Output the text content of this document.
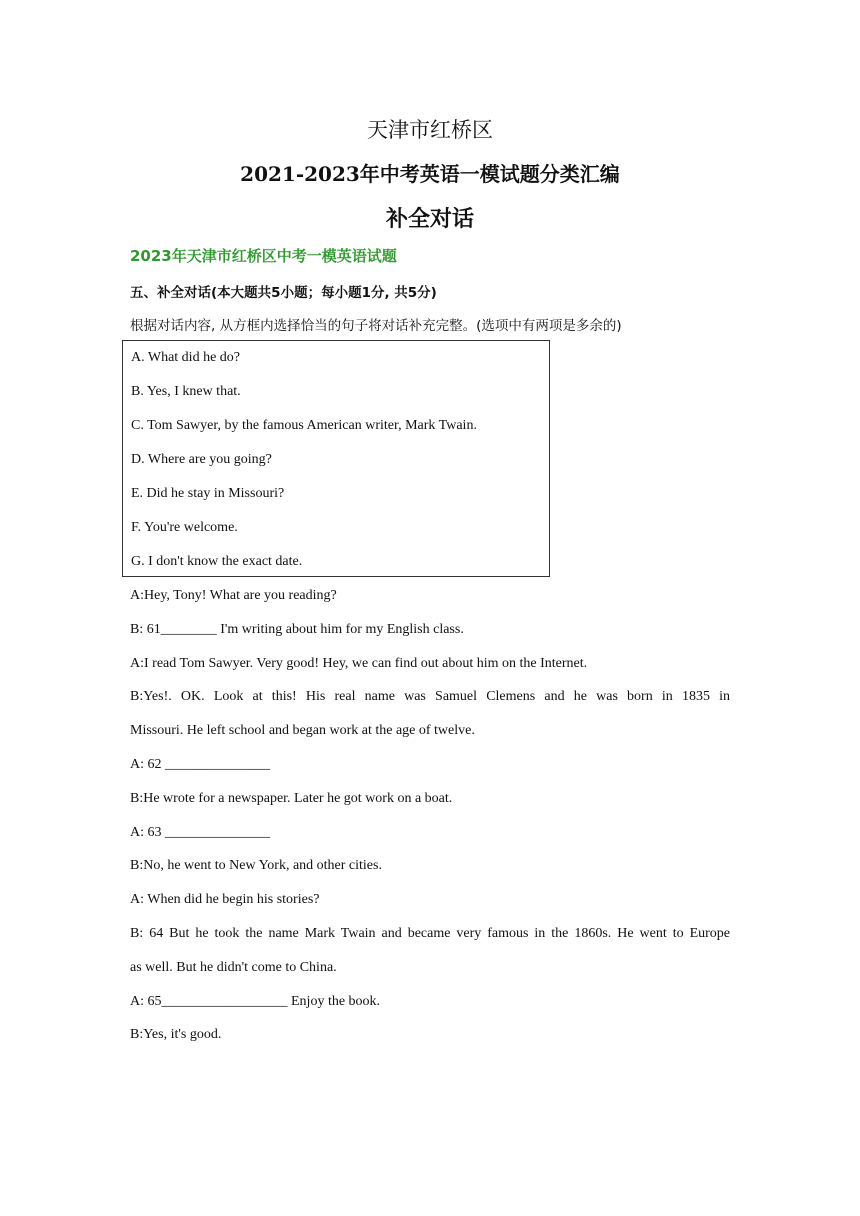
天津市红桥区
2021-2023年中考英语一模试题分类汇编
补全对话
2023年天津市红桥区中考一模英语试题
五、补全对话(本大题共5小题；每小题1分, 共5分)
根据对话内容, 从方框内选择恰当的句子将对话补充完整。(选项中有两项是多余的)
A. What did he do?
B. Yes, I knew that.
C. Tom Sawyer, by the famous American writer, Mark Twain.
D. Where are you going?
E. Did he stay in Missouri?
F. You're welcome.
G. I don't know the exact date.
A:Hey, Tony! What are you reading?
B: 61________ I'm writing about him for my English class.
A:I read Tom Sawyer. Very good! Hey, we can find out about him on the Internet.
B:Yes!. OK. Look at this! His real name was Samuel Clemens and he was born in 1835 in
Missouri. He left school and began work at the age of twelve.
A: 62 _______________
B:He wrote for a newspaper. Later he got work on a boat.
A: 63 _______________
B:No, he went to New York, and other cities.
A: When did he begin his stories?
B: 64 But he took the name Mark Twain and became very famous in the 1860s. He went to Europe
as well. But he didn't come to China.
A: 65__________________ Enjoy the book.
B:Yes, it's good.
